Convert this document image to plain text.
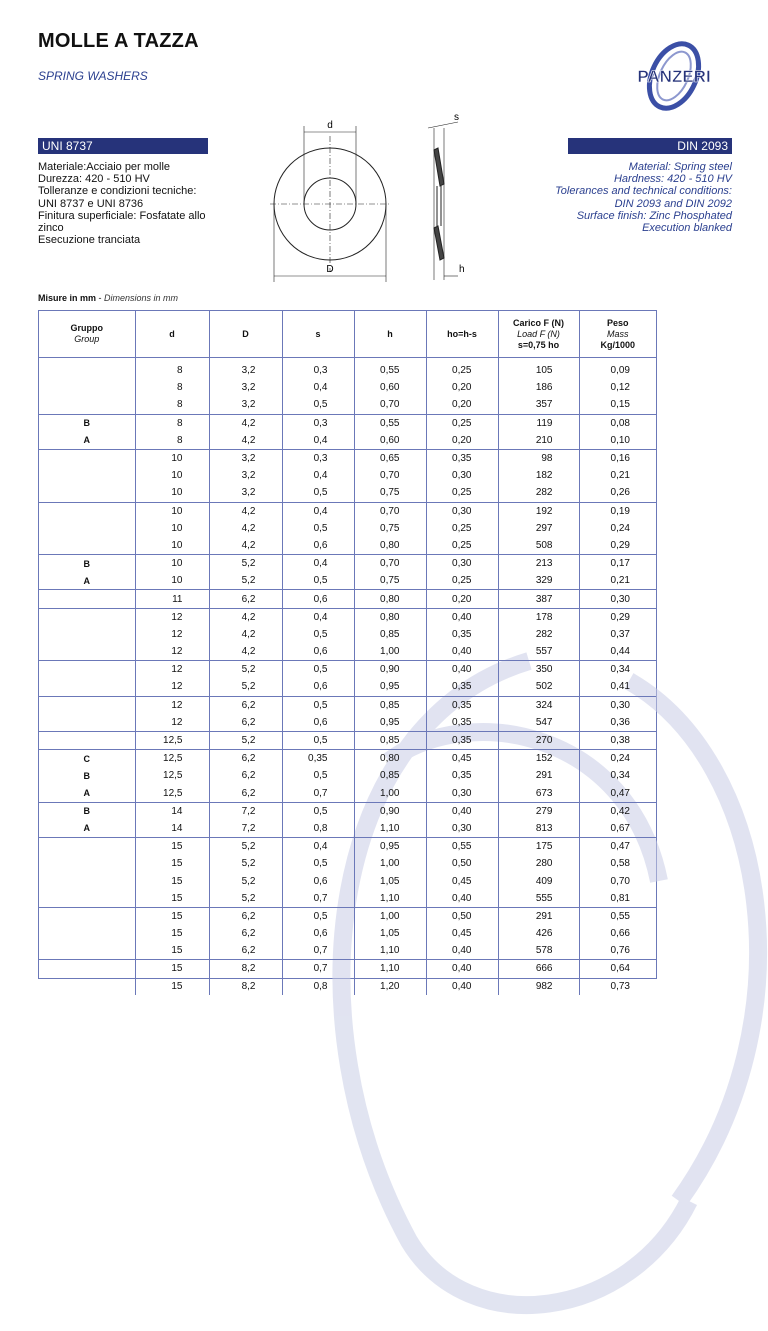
MOLLE A TAZZA
SPRING WASHERS	PANZERI
UNI 8737	DIN 2093
Materiale:Acciaio per molle
Durezza: 420 - 510 HV
Tolleranze e condizioni tecniche:
UNI 8737 e UNI 8736
Finitura superficiale: Fosfatate allo zinco
Esecuzione tranciata
Material: Spring steel
Hardness: 420 - 510 HV
Tolerances and technical conditions:
DIN 2093 and DIN 2092
Surface finish: Zinc Phosphated
Execution blanked
d
D
s
h
Misure in mm - Dimensions in mm
Gruppo
Group	d	D	s	h	ho=h-s	Carico F (N)
Load F (N)
s=0,75 ho	Peso
Mass
Kg/1000
	8	3,2	0,3	0,55	0,25	105	0,09
	8	3,2	0,4	0,60	0,20	186	0,12
	8	3,2	0,5	0,70	0,20	357	0,15
B	8	4,2	0,3	0,55	0,25	119	0,08
A	8	4,2	0,4	0,60	0,20	210	0,10
	10	3,2	0,3	0,65	0,35	98	0,16
	10	3,2	0,4	0,70	0,30	182	0,21
	10	3,2	0,5	0,75	0,25	282	0,26
	10	4,2	0,4	0,70	0,30	192	0,19
	10	4,2	0,5	0,75	0,25	297	0,24
	10	4,2	0,6	0,80	0,25	508	0,29
B	10	5,2	0,4	0,70	0,30	213	0,17
A	10	5,2	0,5	0,75	0,25	329	0,21
	11	6,2	0,6	0,80	0,20	387	0,30
	12	4,2	0,4	0,80	0,40	178	0,29
	12	4,2	0,5	0,85	0,35	282	0,37
	12	4,2	0,6	1,00	0,40	557	0,44
	12	5,2	0,5	0,90	0,40	350	0,34
	12	5,2	0,6	0,95	0,35	502	0,41
	12	6,2	0,5	0,85	0,35	324	0,30
	12	6,2	0,6	0,95	0,35	547	0,36
	12,5	5,2	0,5	0,85	0,35	270	0,38
C	12,5	6,2	0,35	0,80	0,45	152	0,24
B	12,5	6,2	0,5	0,85	0,35	291	0,34
A	12,5	6,2	0,7	1,00	0,30	673	0,47
B	14	7,2	0,5	0,90	0,40	279	0,42
A	14	7,2	0,8	1,10	0,30	813	0,67
	15	5,2	0,4	0,95	0,55	175	0,47
	15	5,2	0,5	1,00	0,50	280	0,58
	15	5,2	0,6	1,05	0,45	409	0,70
	15	5,2	0,7	1,10	0,40	555	0,81
	15	6,2	0,5	1,00	0,50	291	0,55
	15	6,2	0,6	1,05	0,45	426	0,66
	15	6,2	0,7	1,10	0,40	578	0,76
	15	8,2	0,7	1,10	0,40	666	0,64
	15	8,2	0,8	1,20	0,40	982	0,73
